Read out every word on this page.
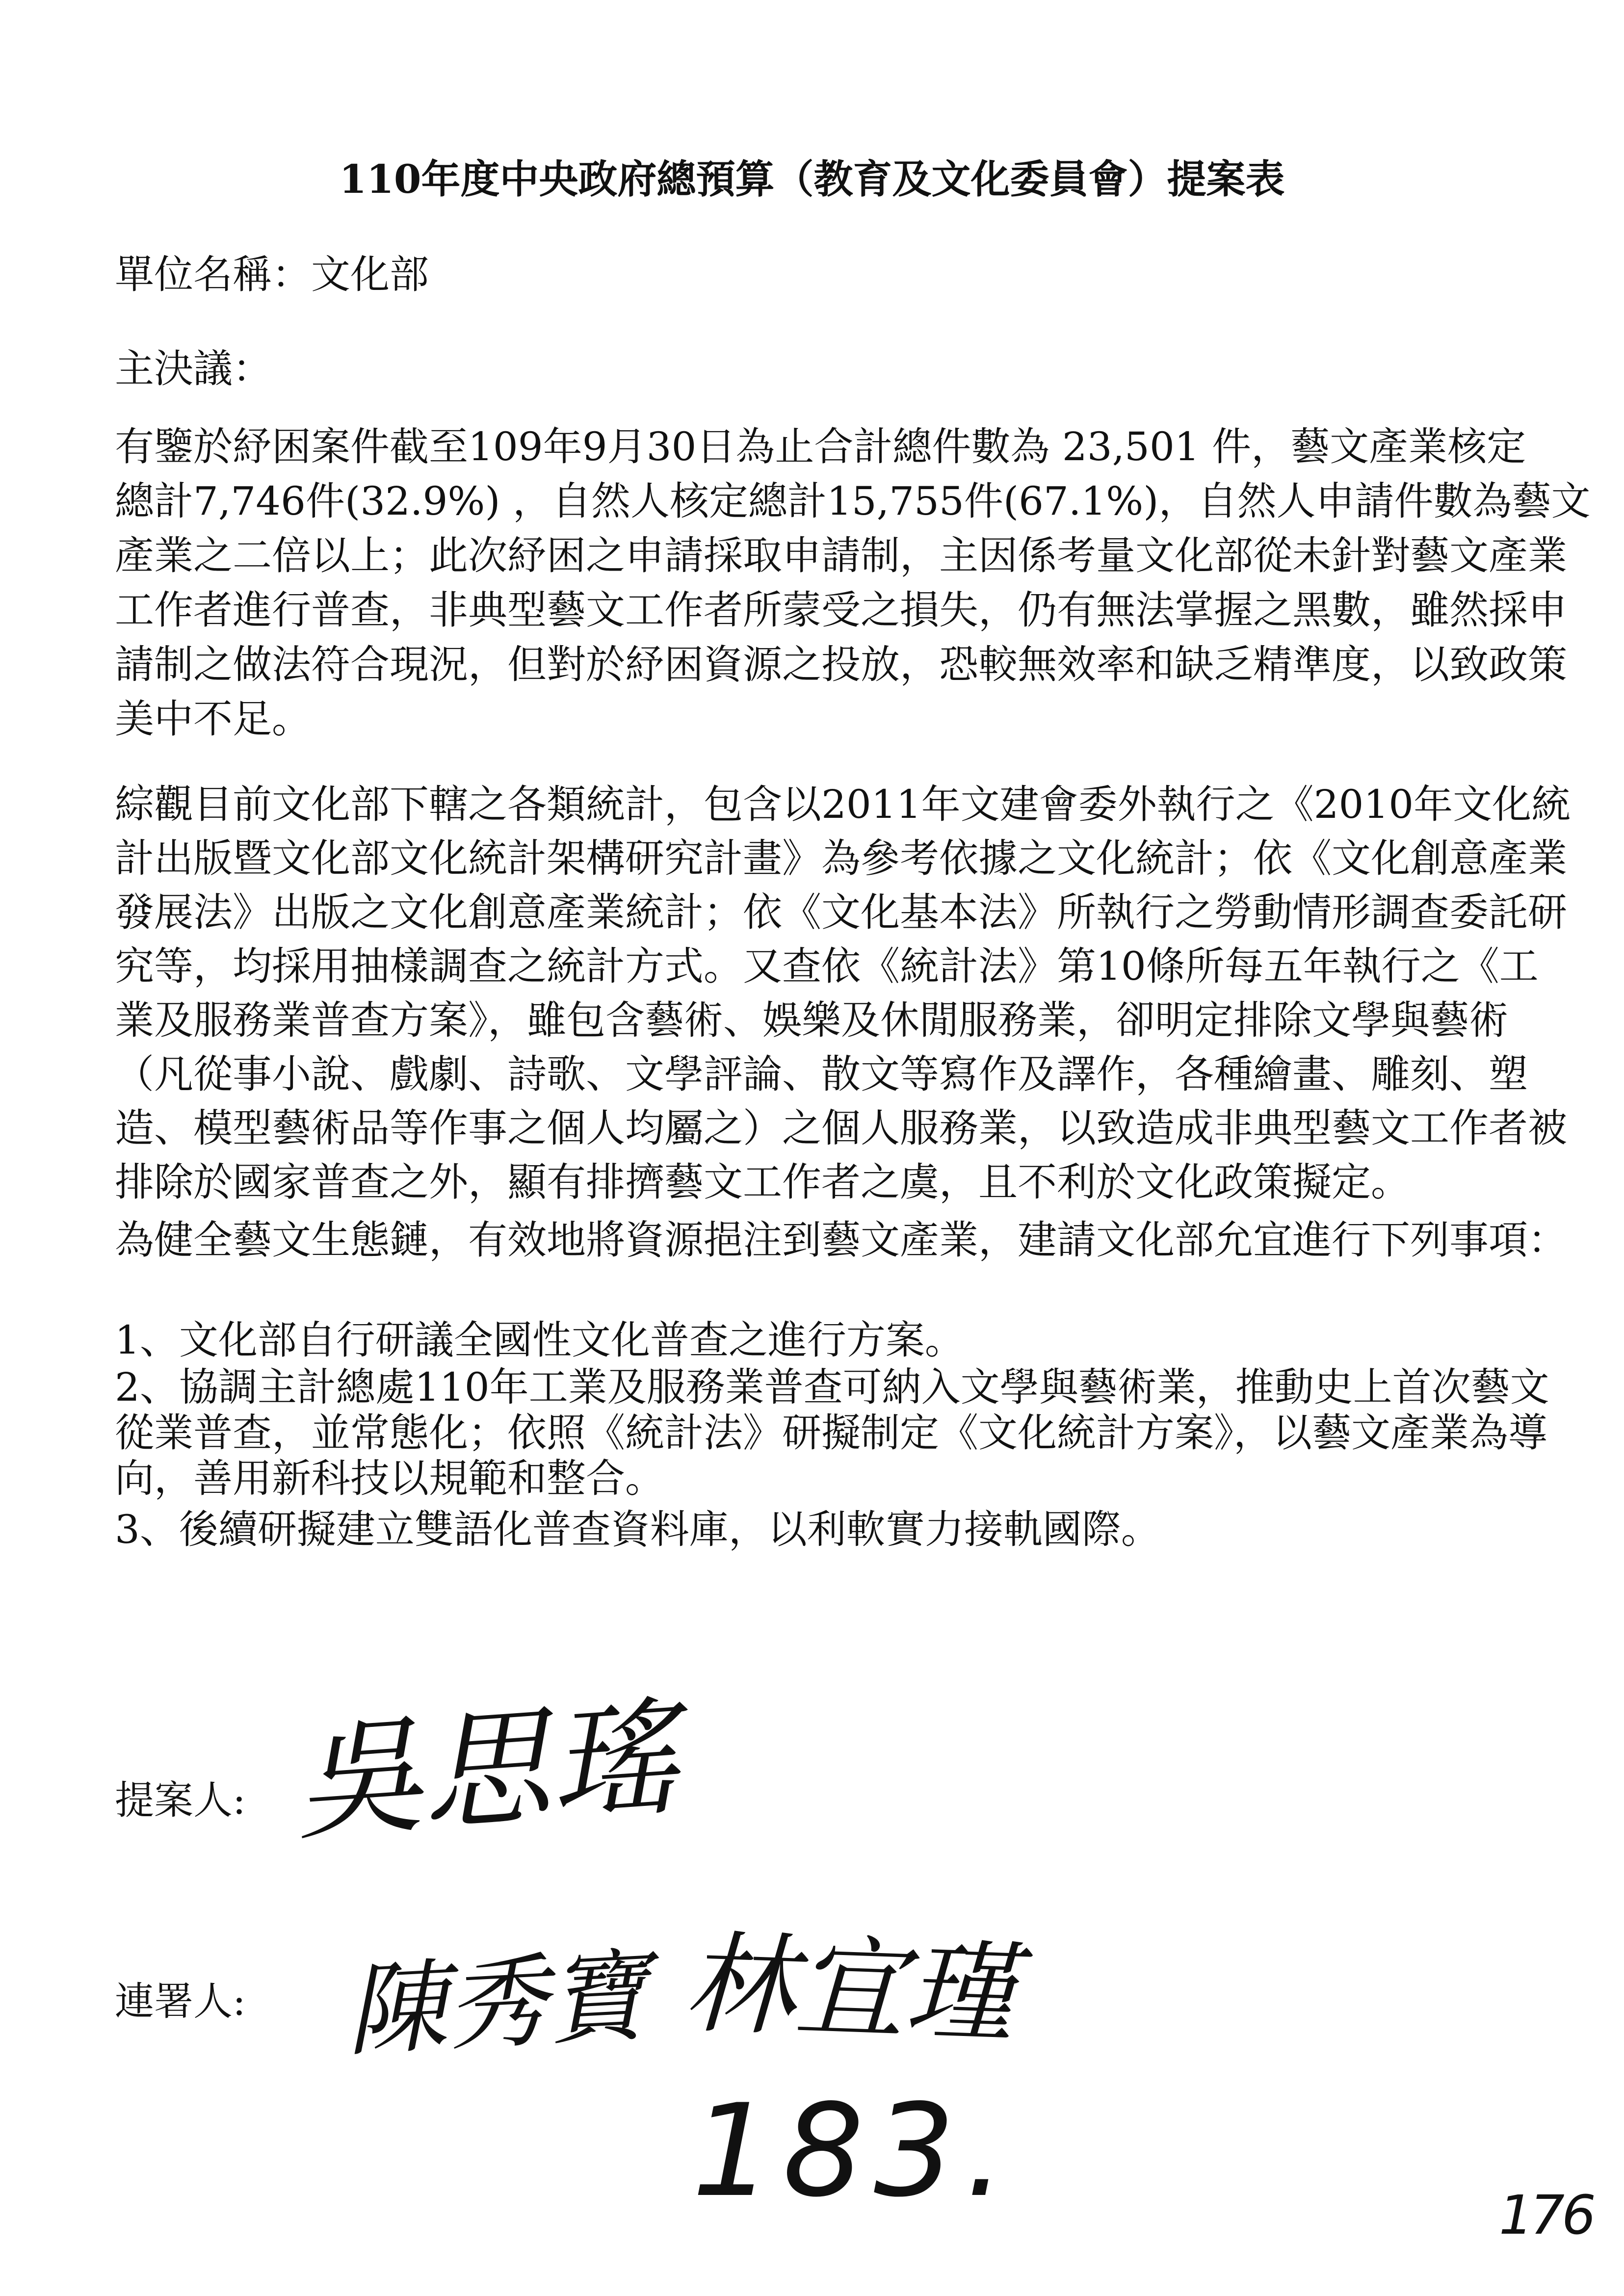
110年度中央政府總預算（教育及文化委員會）提案表
單位名稱：文化部
主決議：
有鑒於紓困案件截至109年9月30日為止合計總件數為 23,501 件，藝文產業核定
總計7,746件(32.9%) ，自然人核定總計15,755件(67.1%)，自然人申請件數為藝文
產業之二倍以上；此次紓困之申請採取申請制，主因係考量文化部從未針對藝文產業
工作者進行普查，非典型藝文工作者所蒙受之損失，仍有無法掌握之黑數，雖然採申
請制之做法符合現況，但對於紓困資源之投放，恐較無效率和缺乏精準度，以致政策
美中不足。
綜觀目前文化部下轄之各類統計，包含以2011年文建會委外執行之《2010年文化統
計出版暨文化部文化統計架構研究計畫》為參考依據之文化統計；依《文化創意產業
發展法》出版之文化創意產業統計；依《文化基本法》所執行之勞動情形調查委託研
究等，均採用抽樣調查之統計方式。又查依《統計法》第10條所每五年執行之《工
業及服務業普查方案》，雖包含藝術、娛樂及休閒服務業，卻明定排除文學與藝術
（凡從事小說、戲劇、詩歌、文學評論、散文等寫作及譯作，各種繪畫、雕刻、塑
造、模型藝術品等作事之個人均屬之）之個人服務業，以致造成非典型藝文工作者被
排除於國家普查之外，顯有排擠藝文工作者之虞，且不利於文化政策擬定。
為健全藝文生態鏈，有效地將資源挹注到藝文產業，建請文化部允宜進行下列事項：
1、文化部自行研議全國性文化普查之進行方案。
2、協調主計總處110年工業及服務業普查可納入文學與藝術業，推動史上首次藝文
從業普查，並常態化；依照《統計法》研擬制定《文化統計方案》，以藝文產業為導
向，善用新科技以規範和整合。
3、後續研擬建立雙語化普查資料庫，以利軟實力接軌國際。
提案人:
連署人:
吳思瑤
陳秀寶 林宜瑾
183.	176
